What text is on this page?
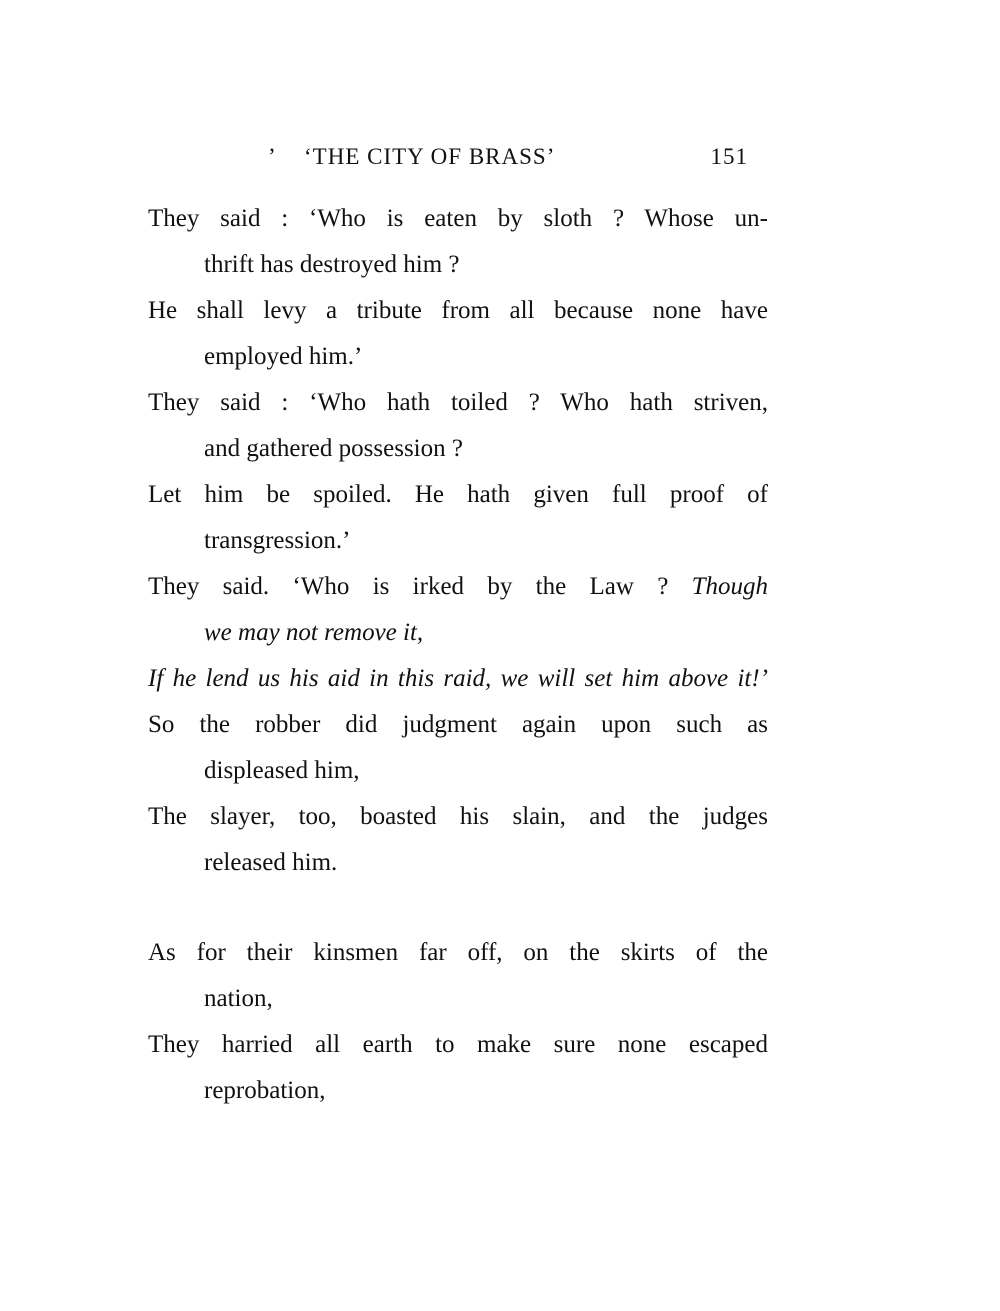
ʼ ‘THE CITY OF BRASS’	151
They said : ‘Who is eaten by sloth ? Whose un-
thrift has destroyed him ?
He shall levy a tribute from all because none have
employed him.’
They said : ‘Who hath toiled ? Who hath striven,
and gathered possession ?
Let him be spoiled. He hath given full proof of
transgression.’
They said. ‘Who is irked by the Law ? Though
we may not remove it,
If he lend us his aid in this raid, we will set him above it!’
So the robber did judgment again upon such as
displeased him,
The slayer, too, boasted his slain, and the judges
released him.
As for their kinsmen far off, on the skirts of the
nation,
They harried all earth to make sure none escaped
reprobation,
